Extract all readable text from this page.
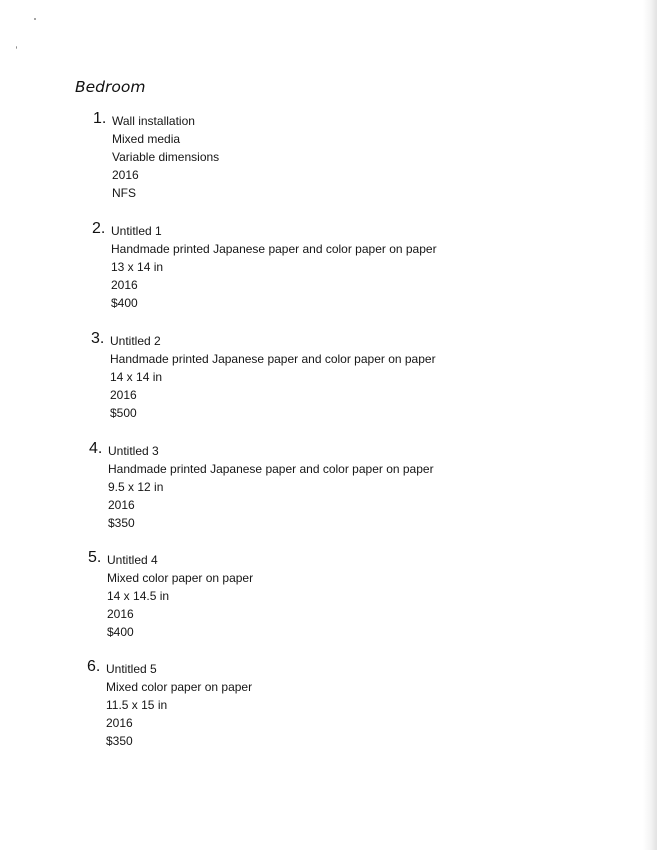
Bedroom
1. Wall installation
Mixed media
Variable dimensions
2016
NFS
2. Untitled 1
Handmade printed Japanese paper and color paper on paper
13 x 14 in
2016
$400
3. Untitled 2
Handmade printed Japanese paper and color paper on paper
14 x 14 in
2016
$500
4. Untitled 3
Handmade printed Japanese paper and color paper on paper
9.5 x 12 in
2016
$350
5. Untitled 4
Mixed color paper on paper
14 x 14.5 in
2016
$400
6. Untitled 5
Mixed color paper on paper
11.5 x 15 in
2016
$350
